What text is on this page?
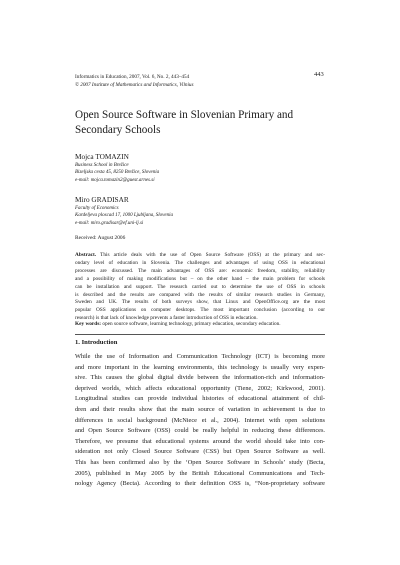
Informatics in Education, 2007, Vol. 6, No. 2, 443–454
© 2007 Institute of Mathematics and Informatics, Vilnius
443
Open Source Software in Slovenian Primary and
Secondary Schools
Mojca TOMAZIN
Business School in Brežice
Bizeljska cesta 45, 8250 Brežice, Slovenia
e-mail: mojca.tomazin2@guest.arnes.si
Miro GRADISAR
Faculty of Economics
Kardeljeva ploscad 17, 1000 Ljubljana, Slovenia
e-mail: miro.gradisar@ef.uni-lj.si
Received: August 2006
Abstract. This article deals with the use of Open Source Software (OSS) at the primary and sec-
ondary level of education in Slovenia. The challenges and advantages of using OSS in educational
processes are discussed. The main advantages of OSS are: economic freedom, stability, reliability
and a possibility of making modifications but – on the other hand – the main problem for schools
can be installation and support. The research carried out to determine the use of OSS in schools
is described and the results are compared with the results of similar research studies in Germany,
Sweden and UK. The results of both surveys show, that Linux and OpenOffice.org are the most
popular OSS applications on computer desktops. The most important conclusion (according to our
research) is that lack of knowledge prevents a faster introduction of OSS in education.
Key words: open source software, learning technology, primary education, secondary education.
1. Introduction
While the use of Information and Communication Technology (ICT) is becoming more
and more important in the learning environments, this technology is usually very expen-
sive. This causes the global digital divide between the information-rich and information-
deprived worlds, which affects educational opportunity (Tiene, 2002; Kirkwood, 2001).
Longitudinal studies can provide individual histories of educational attainment of chil-
dren and their results show that the main source of variation in achievement is due to
differences in social background (McNiece et al., 2004). Internet with open solutions
and Open Source Software (OSS) could be really helpful in reducing these differences.
Therefore, we presume that educational systems around the world should take into con-
sideration not only Closed Source Software (CSS) but Open Source Software as well.
This has been confirmed also by the ‘Open Source Software in Schools’ study (Becta,
2005), published in May 2005 by the British Educational Communications and Tech-
nology Agency (Becta). According to their definition OSS is, “Non-proprietary software
